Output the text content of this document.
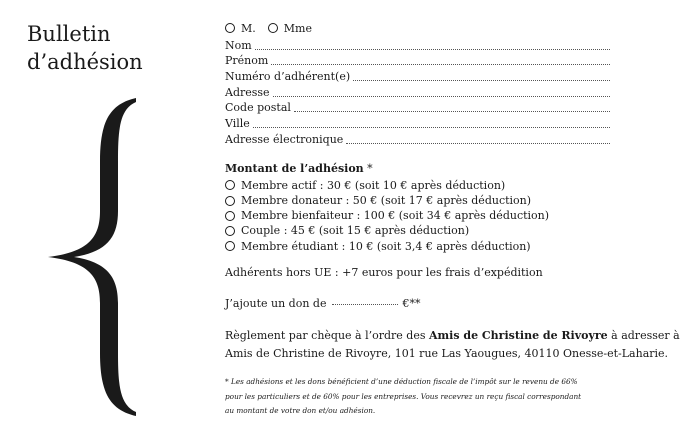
Bulletin
d’adhésion
M.	Mme
Nom
Prénom
Numéro d’adhérent(e)
Adresse
Code postal
Ville
Adresse électronique
Montant de l’adhésion *
Membre actif : 30 € (soit 10 € après déduction)
Membre donateur : 50 € (soit 17 € après déduction)
Membre bienfaiteur : 100 € (soit 34 € après déduction)
Couple : 45 € (soit 15 € après déduction)
Membre étudiant : 10 € (soit 3,4 € après déduction)
Adhérents hors UE : +7 euros pour les frais d’expédition
J’ajoute un don de	€**
Règlement par chèque à l’ordre des Amis de Christine de Rivoyre à adresser à
Amis de Christine de Rivoyre, 101 rue Las Yaougues, 40110 Onesse-et-Laharie.
* Les adhésions et les dons bénéficient d’une déduction fiscale de l’impôt sur le revenu de 66%
pour les particuliers et de 60% pour les entreprises. Vous recevrez un reçu fiscal correspondant
au montant de votre don et/ou adhésion.
